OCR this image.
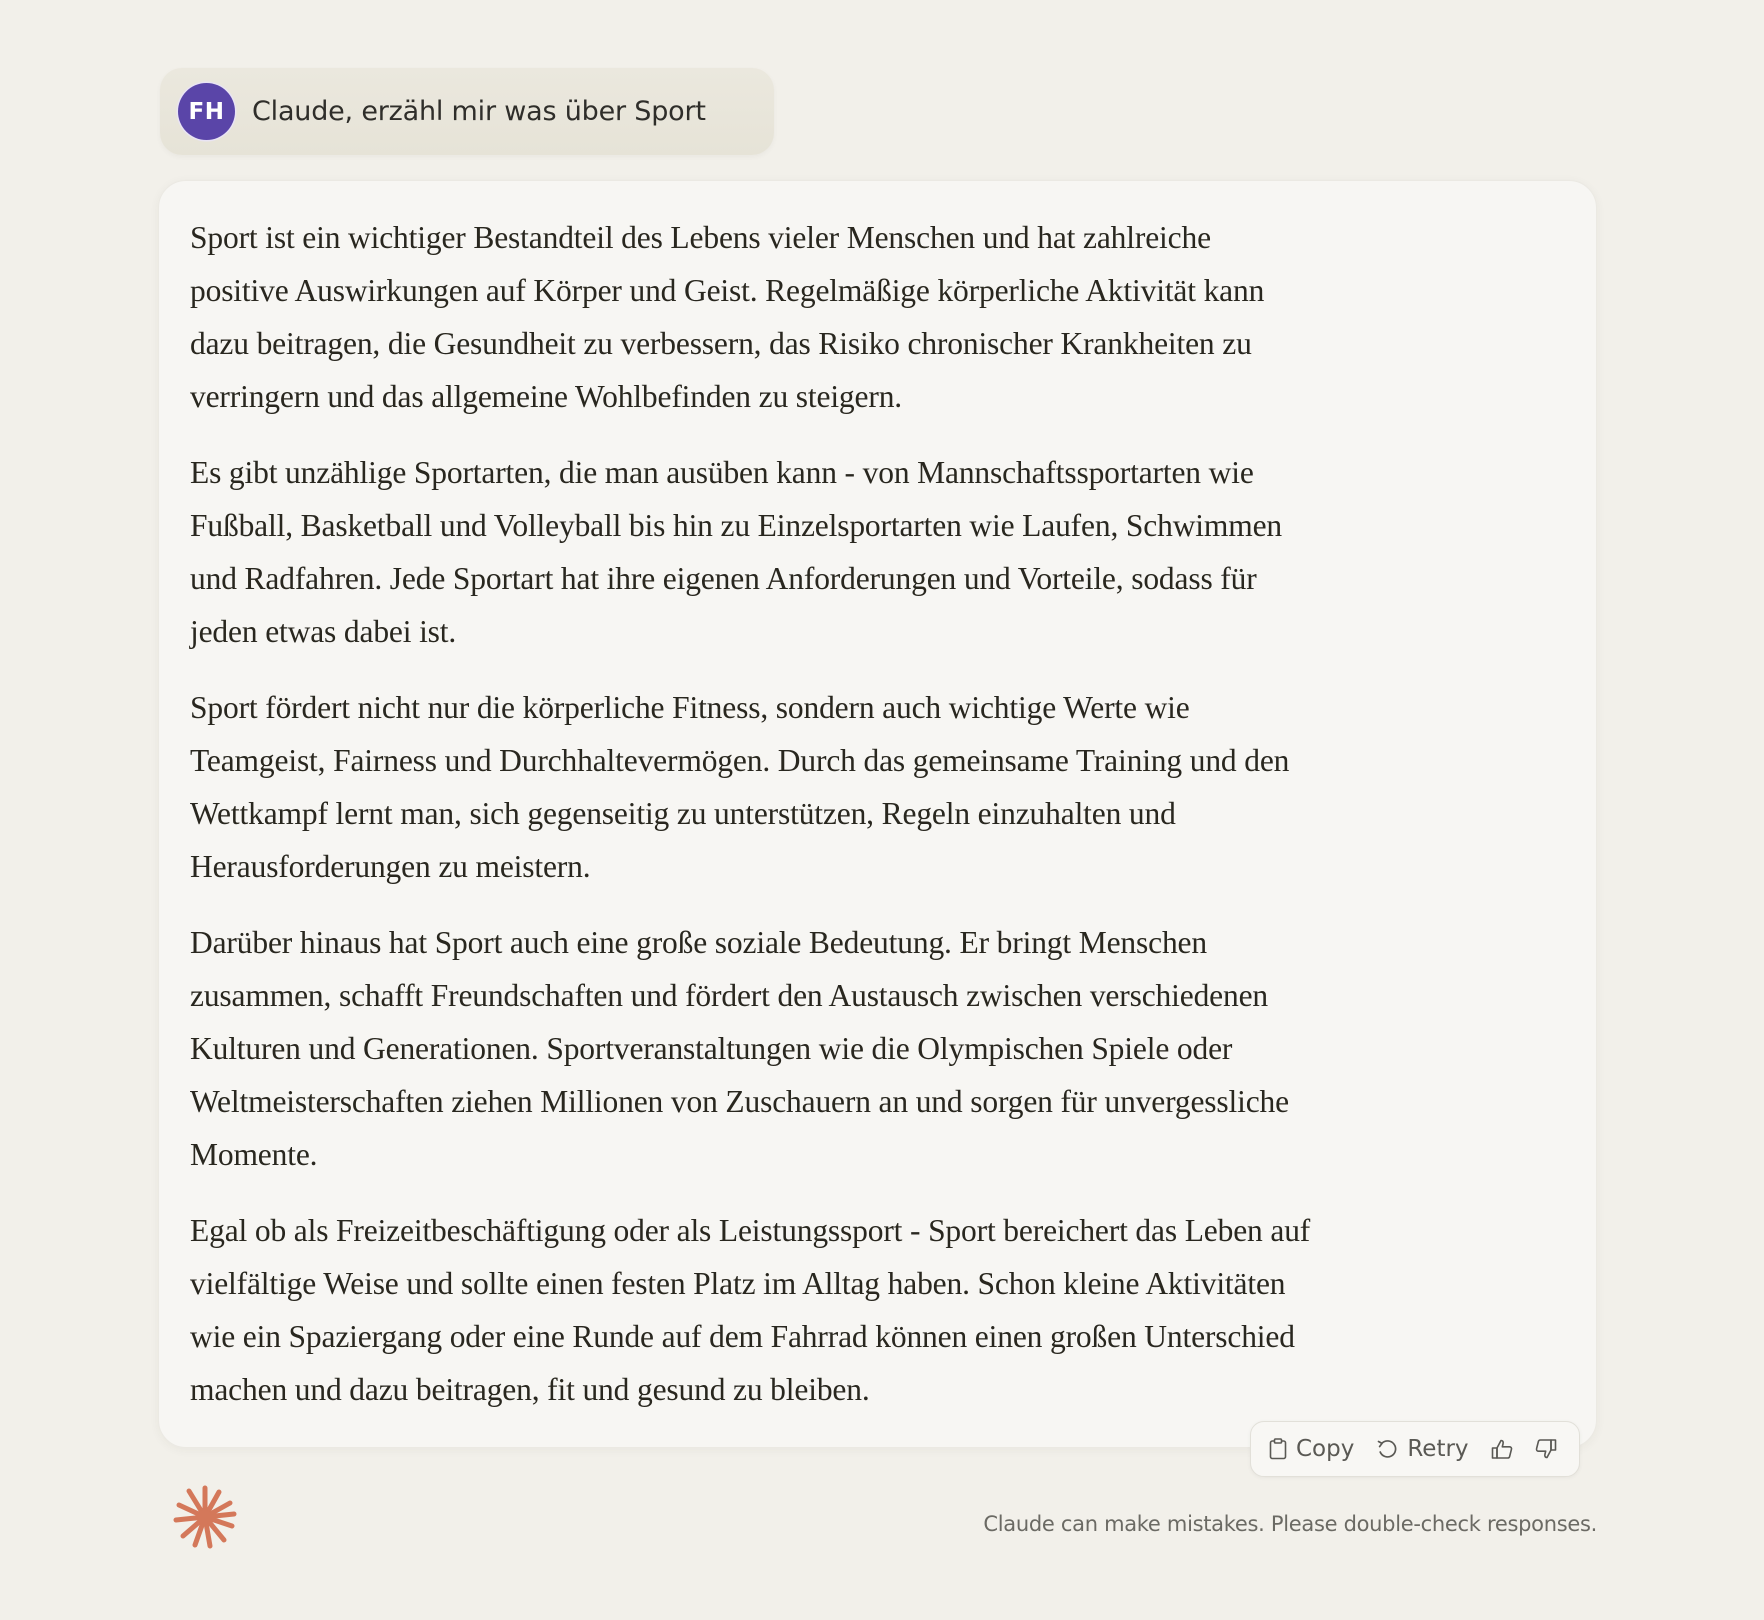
FH	Claude, erzähl mir was über Sport
Sport ist ein wichtiger Bestandteil des Lebens vieler Menschen und hat zahlreiche
positive Auswirkungen auf Körper und Geist. Regelmäßige körperliche Aktivität kann
dazu beitragen, die Gesundheit zu verbessern, das Risiko chronischer Krankheiten zu
verringern und das allgemeine Wohlbefinden zu steigern.
Es gibt unzählige Sportarten, die man ausüben kann - von Mannschaftssportarten wie
Fußball, Basketball und Volleyball bis hin zu Einzelsportarten wie Laufen, Schwimmen
und Radfahren. Jede Sportart hat ihre eigenen Anforderungen und Vorteile, sodass für
jeden etwas dabei ist.
Sport fördert nicht nur die körperliche Fitness, sondern auch wichtige Werte wie
Teamgeist, Fairness und Durchhaltevermögen. Durch das gemeinsame Training und den
Wettkampf lernt man, sich gegenseitig zu unterstützen, Regeln einzuhalten und
Herausforderungen zu meistern.
Darüber hinaus hat Sport auch eine große soziale Bedeutung. Er bringt Menschen
zusammen, schafft Freundschaften und fördert den Austausch zwischen verschiedenen
Kulturen und Generationen. Sportveranstaltungen wie die Olympischen Spiele oder
Weltmeisterschaften ziehen Millionen von Zuschauern an und sorgen für unvergessliche
Momente.
Egal ob als Freizeitbeschäftigung oder als Leistungssport - Sport bereichert das Leben auf
vielfältige Weise und sollte einen festen Platz im Alltag haben. Schon kleine Aktivitäten
wie ein Spaziergang oder eine Runde auf dem Fahrrad können einen großen Unterschied
machen und dazu beitragen, fit und gesund zu bleiben.
Copy Retry
Claude can make mistakes. Please double-check responses.
